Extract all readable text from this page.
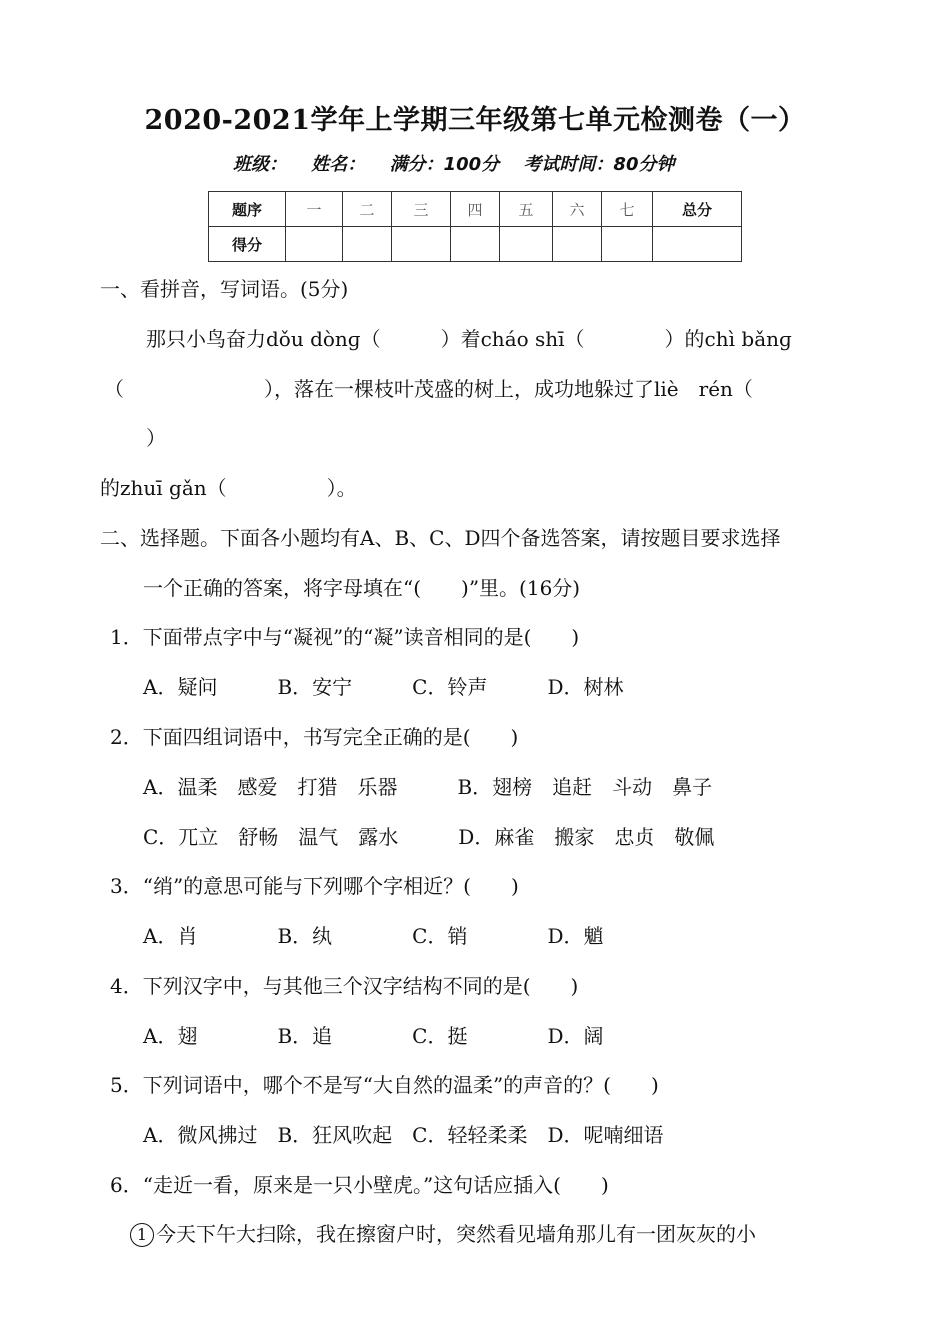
2020-2021学年上学期三年级第七单元检测卷（一）
班级： 姓名： 满分：100分 考试时间：80分钟
题序	一	二	三	四	五	六	七	总分
得分								
一、看拼音，写词语。(5分)
那只小鸟奋力dǒu dònɡ（　　　）着cháo shī（　　　　）的chì bǎnɡ
（　　　　　　　），落在一棵枝叶茂盛的树上，成功地躲过了liè　rén（
）
的zhuī gǎn（　　　　　）。
二、选择题。下面各小题均有A、B、C、D四个备选答案，请按题目要求选择
一个正确的答案，将字母填在“(　　)”里。(16分)
1．下面带点字中与“凝视”的“凝”读音相同的是(　　)
A．疑问　　　B．安宁　　　C．铃声　　　D．树林
2．下面四组词语中，书写完全正确的是(　　)
A．温柔　感爱　打猎　乐器　　　B．翅榜　追赶　斗动　鼻子
C．兀立　舒畅　温气　露水　　　D．麻雀　搬家　忠贞　敬佩
3．“绡”的意思可能与下列哪个字相近？(　　)
A．肖　　　　B．纨　　　　C．销　　　　D．魈
4．下列汉字中，与其他三个汉字结构不同的是(　　)
A．翅　　　　B．追　　　　C．挺　　　　D．阔
5．下列词语中，哪个不是写“大自然的温柔”的声音的？(　　)
A．微风拂过　B．狂风吹起　C．轻轻柔柔　D．呢喃细语
6．“走近一看，原来是一只小壁虎。”这句话应插入(　　)
1 今天下午大扫除，我在擦窗户时，突然看见墙角那儿有一团灰灰的小
